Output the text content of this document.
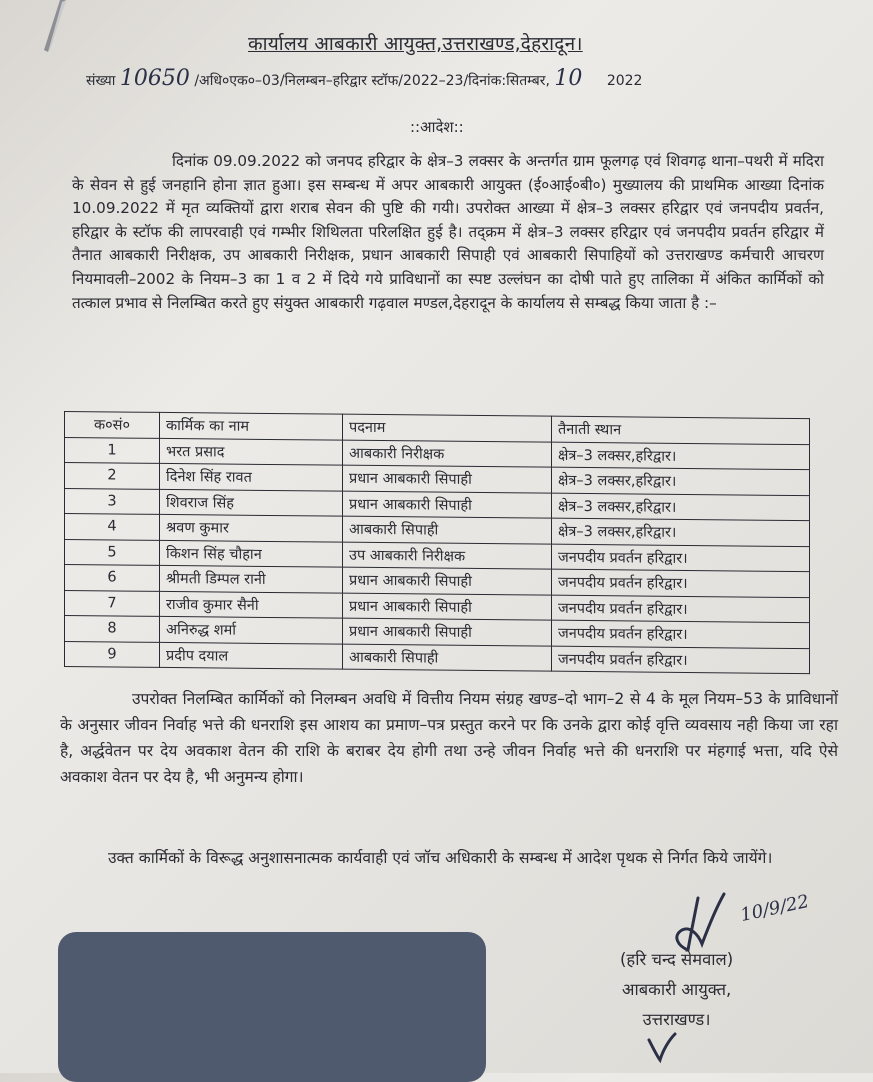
कार्यालय आबकारी आयुक्त,उत्तराखण्ड,देहरादून।
संख्या 10650 /अधि०एक०–03/निलम्बन–हरिद्वार स्टॉफ/2022–23/दिनांक:सितम्बर, 10 2022
::आदेश::
दिनांक 09.09.2022 को जनपद हरिद्वार के क्षेत्र–3 लक्सर के अन्तर्गत ग्राम फूलगढ़ एवं शिवगढ़ थाना–पथरी में मदिरा के सेवन से हुई जनहानि होना ज्ञात हुआ। इस सम्बन्ध में अपर आबकारी आयुक्त (ई०आई०बी०) मुख्यालय की प्राथमिक आख्या दिनांक 10.09.2022 में मृत व्यक्तियों द्वारा शराब सेवन की पुष्टि की गयी। उपरोक्त आख्या में क्षेत्र–3 लक्सर हरिद्वार एवं जनपदीय प्रवर्तन, हरिद्वार के स्टॉफ की लापरवाही एवं गम्भीर शिथिलता परिलक्षित हुई है। तद्क्रम में क्षेत्र–3 लक्सर हरिद्वार एवं जनपदीय प्रवर्तन हरिद्वार में तैनात आबकारी निरीक्षक, उप आबकारी निरीक्षक, प्रधान आबकारी सिपाही एवं आबकारी सिपाहियों को उत्तराखण्ड कर्मचारी आचरण नियमावली–2002 के नियम–3 का 1 व 2 में दिये गये प्राविधानों का स्पष्ट उल्लंघन का दोषी पाते हुए तालिका में अंकित कार्मिकों को तत्काल प्रभाव से निलम्बित करते हुए संयुक्त आबकारी गढ़वाल मण्डल,देहरादून के कार्यालय से सम्बद्ध किया जाता है :–
क०सं०	कार्मिक का नाम	पदनाम	तैनाती स्थान
1	भरत प्रसाद	आबकारी निरीक्षक	क्षेत्र–3 लक्सर,हरिद्वार।
2	दिनेश सिंह रावत	प्रधान आबकारी सिपाही	क्षेत्र–3 लक्सर,हरिद्वार।
3	शिवराज सिंह	प्रधान आबकारी सिपाही	क्षेत्र–3 लक्सर,हरिद्वार।
4	श्रवण कुमार	आबकारी सिपाही	क्षेत्र–3 लक्सर,हरिद्वार।
5	किशन सिंह चौहान	उप आबकारी निरीक्षक	जनपदीय प्रवर्तन हरिद्वार।
6	श्रीमती डिम्पल रानी	प्रधान आबकारी सिपाही	जनपदीय प्रवर्तन हरिद्वार।
7	राजीव कुमार सैनी	प्रधान आबकारी सिपाही	जनपदीय प्रवर्तन हरिद्वार।
8	अनिरुद्ध शर्मा	प्रधान आबकारी सिपाही	जनपदीय प्रवर्तन हरिद्वार।
9	प्रदीप दयाल	आबकारी सिपाही	जनपदीय प्रवर्तन हरिद्वार।
उपरोक्त निलम्बित कार्मिकों को निलम्बन अवधि में वित्तीय नियम संग्रह खण्ड–दो भाग–2 से 4 के मूल नियम–53 के प्राविधानों के अनुसार जीवन निर्वाह भत्ते की धनराशि इस आशय का प्रमाण–पत्र प्रस्तुत करने पर कि उनके द्वारा कोई वृत्ति व्यवसाय नही किया जा रहा है, अर्द्धवेतन पर देय अवकाश वेतन की राशि के बराबर देय होगी तथा उन्हे जीवन निर्वाह भत्ते की धनराशि पर मंहगाई भत्ता, यदि ऐसे अवकाश वेतन पर देय है, भी अनुमन्य होगा।
उक्त कार्मिकों के विरूद्ध अनुशासनात्मक कार्यवाही एवं जॉच अधिकारी के सम्बन्ध में आदेश पृथक से निर्गत किये जायेंगे।
10/9/22
(हरि चन्द सेमवाल)
आबकारी आयुक्त,
उत्तराखण्ड।
